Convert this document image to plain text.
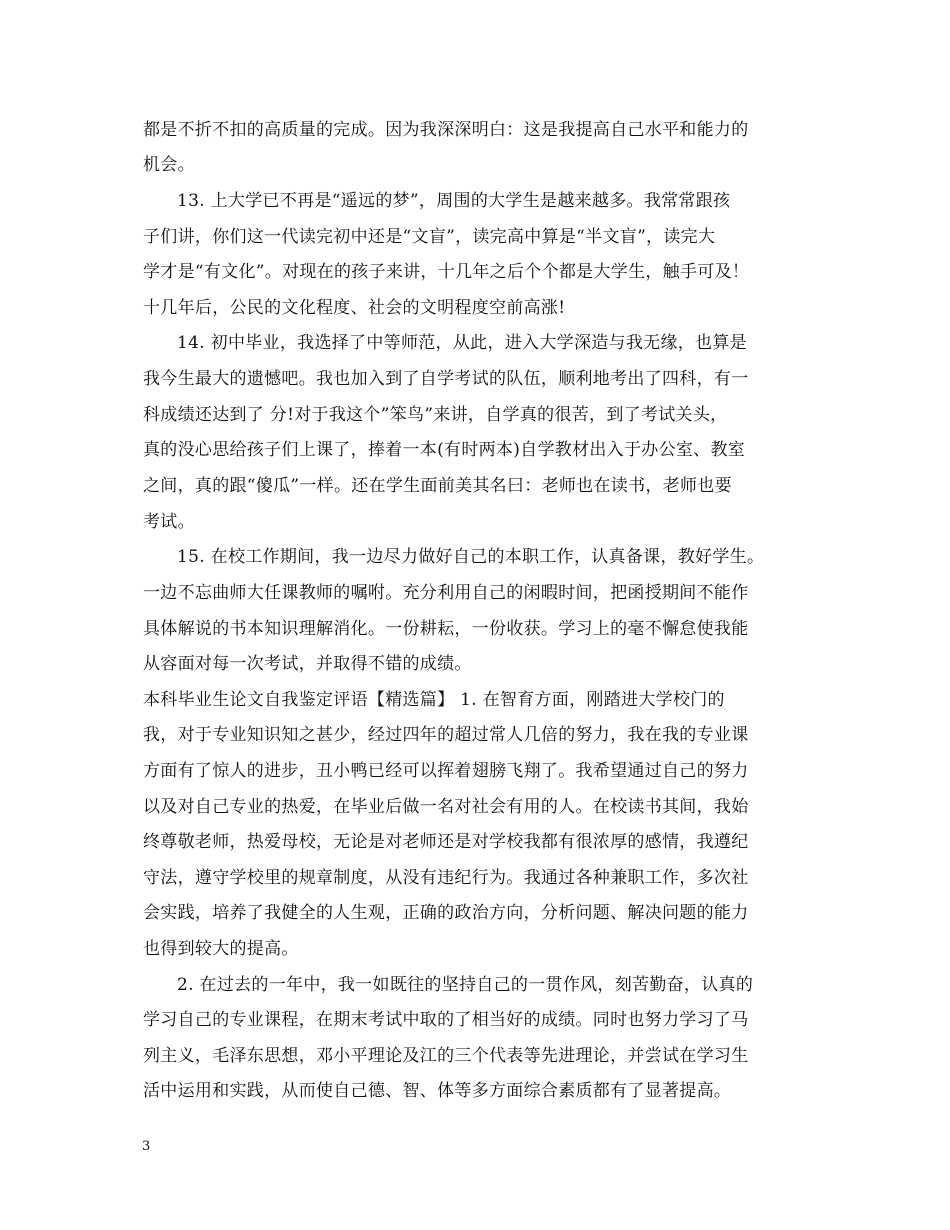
都是不折不扣的高质量的完成。因为我深深明白：这是我提高自己水平和能力的
机会。
13. 上大学已不再是“遥远的梦”，周围的大学生是越来越多。我常常跟孩
子们讲，你们这一代读完初中还是“文盲”，读完高中算是“半文盲”，读完大
学才是“有文化”。对现在的孩子来讲，十几年之后个个都是大学生，触手可及！
十几年后，公民的文化程度、社会的文明程度空前高涨!
14. 初中毕业，我选择了中等师范，从此，进入大学深造与我无缘，也算是
我今生最大的遗憾吧。我也加入到了自学考试的队伍，顺利地考出了四科，有一
科成绩还达到了 分!对于我这个”笨鸟”来讲，自学真的很苦，到了考试关头，
真的没心思给孩子们上课了，捧着一本(有时两本)自学教材出入于办公室、教室
之间，真的跟“傻瓜”一样。还在学生面前美其名曰：老师也在读书，老师也要
考试。
15. 在校工作期间，我一边尽力做好自己的本职工作，认真备课，教好学生。
一边不忘曲师大任课教师的嘱咐。充分利用自己的闲暇时间，把函授期间不能作
具体解说的书本知识理解消化。一份耕耘，一份收获。学习上的毫不懈怠使我能
从容面对每一次考试，并取得不错的成绩。
本科毕业生论文自我鉴定评语【精选篇】 1. 在智育方面，刚踏进大学校门的
我，对于专业知识知之甚少，经过四年的超过常人几倍的努力，我在我的专业课
方面有了惊人的进步，丑小鸭已经可以挥着翅膀飞翔了。我希望通过自己的努力
以及对自己专业的热爱，在毕业后做一名对社会有用的人。在校读书其间，我始
终尊敬老师，热爱母校，无论是对老师还是对学校我都有很浓厚的感情，我遵纪
守法，遵守学校里的规章制度，从没有违纪行为。我通过各种兼职工作，多次社
会实践，培养了我健全的人生观，正确的政治方向，分析问题、解决问题的能力
也得到较大的提高。
2. 在过去的一年中，我一如既往的坚持自己的一贯作风，刻苦勤奋，认真的
学习自己的专业课程，在期末考试中取的了相当好的成绩。同时也努力学习了马
列主义，毛泽东思想，邓小平理论及江的三个代表等先进理论，并尝试在学习生
活中运用和实践，从而使自己德、智、体等多方面综合素质都有了显著提高。
3
